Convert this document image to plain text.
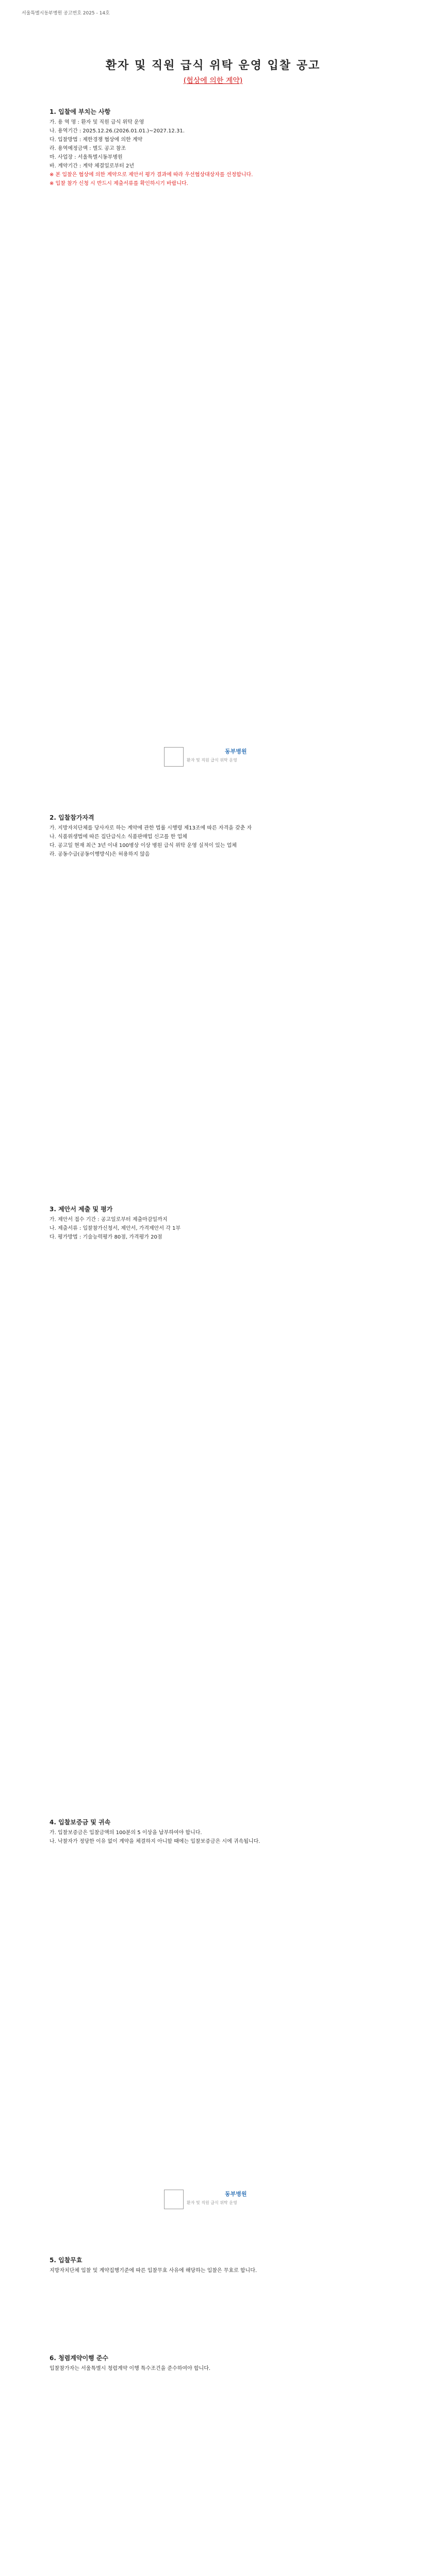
서울특별시동부병원 공고번호 2025 - 14호
환자 및 직원 급식 위탁 운영 입찰 공고
(협상에 의한 계약)
1. 입찰에 부치는 사항
가. 용 역 명 : 환자 및 직원 급식 위탁 운영
나. 용역기간 : 2025.12.26.(2026.01.01.)~2027.12.31.
다. 입찰방법 : 제한경쟁 협상에 의한 계약
라. 용역예정금액 : 별도 공고 참조
마. 사업장 : 서울특별시동부병원
바. 계약기간 : 계약 체결일로부터 2년
※ 본 입찰은 협상에 의한 계약으로 제안서 평가 결과에 따라 우선협상대상자를 선정합니다.
※ 입찰 참가 신청 시 반드시 제출서류를 확인하시기 바랍니다.
동부병원
환자 및 직원 급식 위탁 운영
2. 입찰참가자격
가. 지방자치단체를 당사자로 하는 계약에 관한 법률 시행령 제13조에 따른 자격을 갖춘 자
나. 식품위생법에 따른 집단급식소 식품판매업 신고를 한 업체
다. 공고일 현재 최근 3년 이내 100병상 이상 병원 급식 위탁 운영 실적이 있는 업체
라. 공동수급(공동이행방식)은 허용하지 않음
3. 제안서 제출 및 평가
가. 제안서 접수 기간 : 공고일로부터 제출마감일까지
나. 제출서류 : 입찰참가신청서, 제안서, 가격제안서 각 1부
다. 평가방법 : 기술능력평가 80점, 가격평가 20점
4. 입찰보증금 및 귀속
가. 입찰보증금은 입찰금액의 100분의 5 이상을 납부하여야 합니다.
나. 낙찰자가 정당한 이유 없이 계약을 체결하지 아니할 때에는 입찰보증금은 시에 귀속됩니다.
동부병원
환자 및 직원 급식 위탁 운영
5. 입찰무효
지방자치단체 입찰 및 계약집행기준에 따른 입찰무효 사유에 해당하는 입찰은 무효로 합니다.
6. 청렴계약이행 준수
입찰참가자는 서울특별시 청렴계약 이행 특수조건을 준수하여야 합니다.
